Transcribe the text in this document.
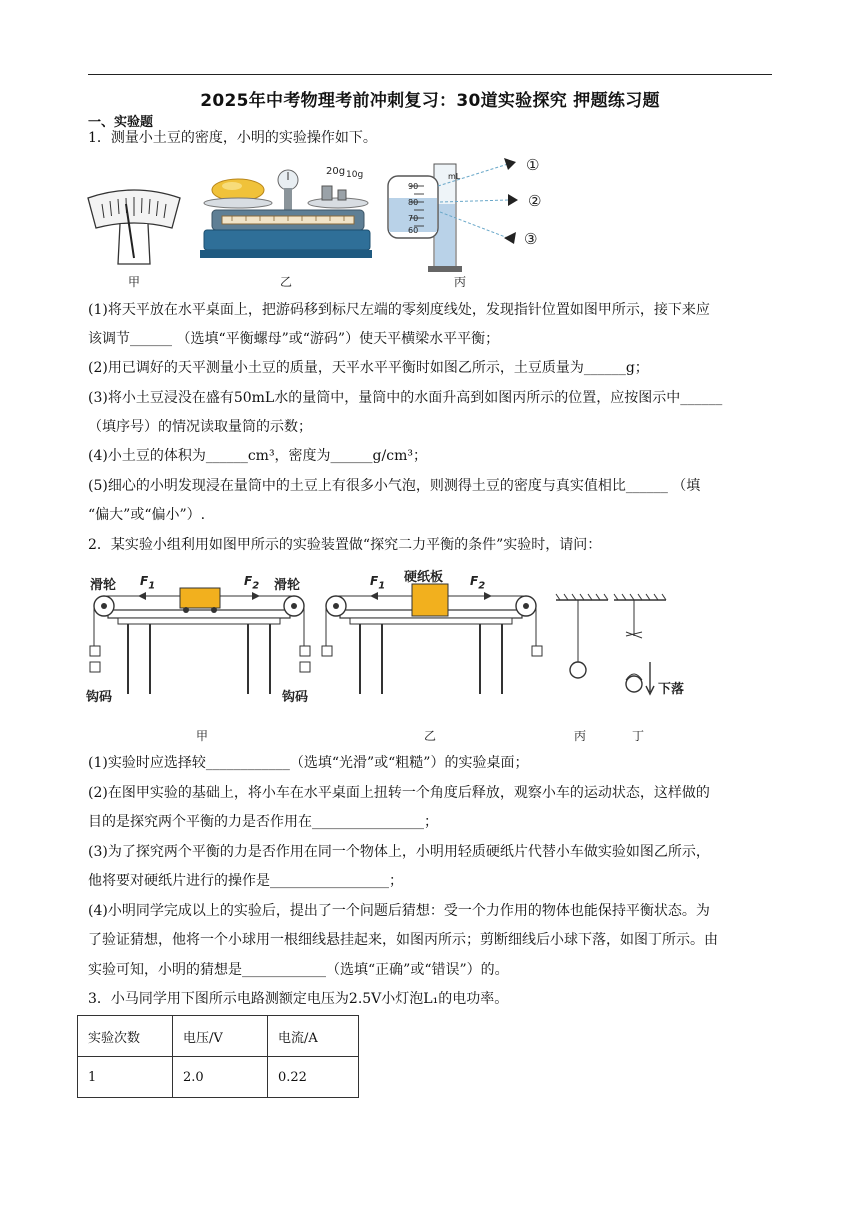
2025年中考物理考前冲刺复习：30道实验探究 押题练习题
一、实验题
1．测量小土豆的密度，小明的实验操作如下。
20g 10g	mL
90
80
70
60
①
②
③
甲	乙	丙
(1)将天平放在水平桌面上，把游码移到标尺左端的零刻度线处，发现指针位置如图甲所示，接下来应
该调节______ （选填“平衡螺母”或“游码”）使天平横梁水平平衡；
(2)用已调好的天平测量小土豆的质量，天平水平平衡时如图乙所示，土豆质量为______g；
(3)将小土豆浸没在盛有50mL水的量筒中，量筒中的水面升高到如图丙所示的位置，应按图示中______
（填序号）的情况读取量筒的示数；
(4)小土豆的体积为______cm³，密度为______g/cm³；
(5)细心的小明发现浸在量筒中的土豆上有很多小气泡，则测得土豆的密度与真实值相比______ （填
“偏大”或“偏小”）.
2．某实验小组利用如图甲所示的实验装置做“探究二力平衡的条件”实验时，请问：
滑轮	滑轮
钩码	钩码
$F_1$	$F_2$
硬纸板
$F_1$	$F_2$
下落
甲	乙	丙	丁
(1)实验时应选择较____________（选填“光滑”或“粗糙”）的实验桌面；
(2)在图甲实验的基础上，将小车在水平桌面上扭转一个角度后释放，观察小车的运动状态，这样做的
目的是探究两个平衡的力是否作用在________________；
(3)为了探究两个平衡的力是否作用在同一个物体上，小明用轻质硬纸片代替小车做实验如图乙所示，
他将要对硬纸片进行的操作是_________________；
(4)小明同学完成以上的实验后，提出了一个问题后猜想：受一个力作用的物体也能保持平衡状态。为
了验证猜想，他将一个小球用一根细线悬挂起来，如图丙所示；剪断细线后小球下落，如图丁所示。由
实验可知，小明的猜想是____________（选填“正确”或“错误”）的。
3．小马同学用下图所示电路测额定电压为2.5V小灯泡L₁的电功率。
实验次数	电压/V	电流/A
1	2.0	0.22
